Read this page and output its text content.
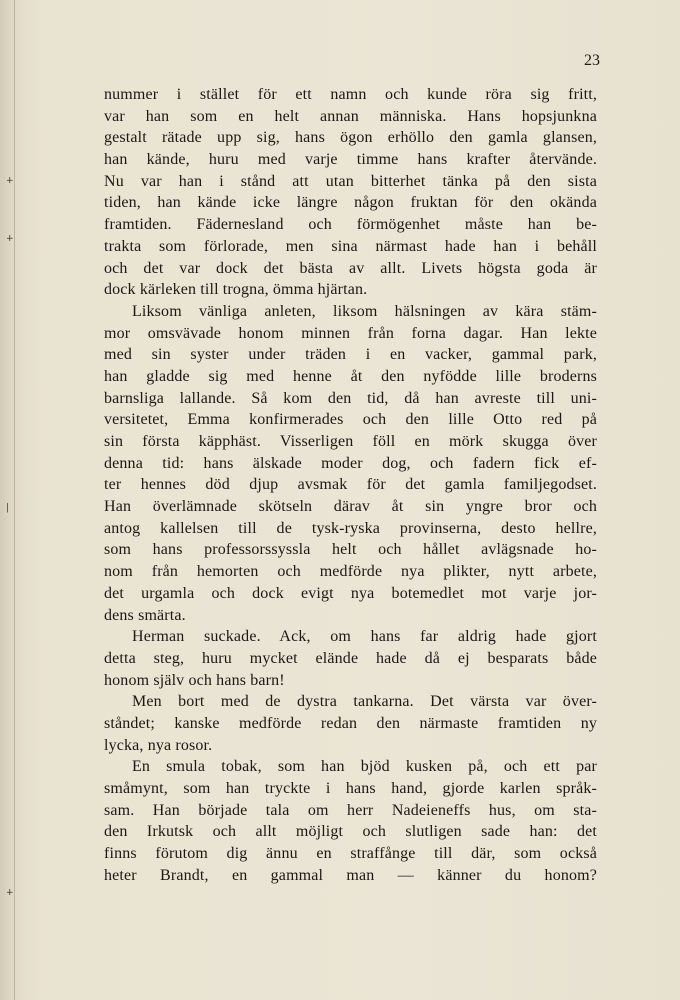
+
+
|
+
23
nummer i stället för ett namn och kunde röra sig fritt,
var han som en helt annan människa. Hans hopsjunkna
gestalt rätade upp sig, hans ögon erhöllo den gamla glansen,
han kände, huru med varje timme hans krafter återvände.
Nu var han i stånd att utan bitterhet tänka på den sista
tiden, han kände icke längre någon fruktan för den okända
framtiden. Fädernesland och förmögenhet måste han be-
trakta som förlorade, men sina närmast hade han i behåll
och det var dock det bästa av allt. Livets högsta goda är
dock kärleken till trogna, ömma hjärtan.
Liksom vänliga anleten, liksom hälsningen av kära stäm-
mor omsvävade honom minnen från forna dagar. Han lekte
med sin syster under träden i en vacker, gammal park,
han gladde sig med henne åt den nyfödde lille broderns
barnsliga lallande. Så kom den tid, då han avreste till uni-
versitetet, Emma konfirmerades och den lille Otto red på
sin första käpphäst. Visserligen föll en mörk skugga över
denna tid: hans älskade moder dog, och fadern fick ef-
ter hennes död djup avsmak för det gamla familjegodset.
Han överlämnade skötseln därav åt sin yngre bror och
antog kallelsen till de tysk-ryska provinserna, desto hellre,
som hans professorssyssla helt och hållet avlägsnade ho-
nom från hemorten och medförde nya plikter, nytt arbete,
det urgamla och dock evigt nya botemedlet mot varje jor-
dens smärta.
Herman suckade. Ack, om hans far aldrig hade gjort
detta steg, huru mycket elände hade då ej besparats både
honom själv och hans barn!
Men bort med de dystra tankarna. Det värsta var över-
ståndet; kanske medförde redan den närmaste framtiden ny
lycka, nya rosor.
En smula tobak, som han bjöd kusken på, och ett par
småmynt, som han tryckte i hans hand, gjorde karlen språk-
sam. Han började tala om herr Nadeieneffs hus, om sta-
den Irkutsk och allt möjligt och slutligen sade han: det
finns förutom dig ännu en straffånge till där, som också
heter Brandt, en gammal man — känner du honom?
